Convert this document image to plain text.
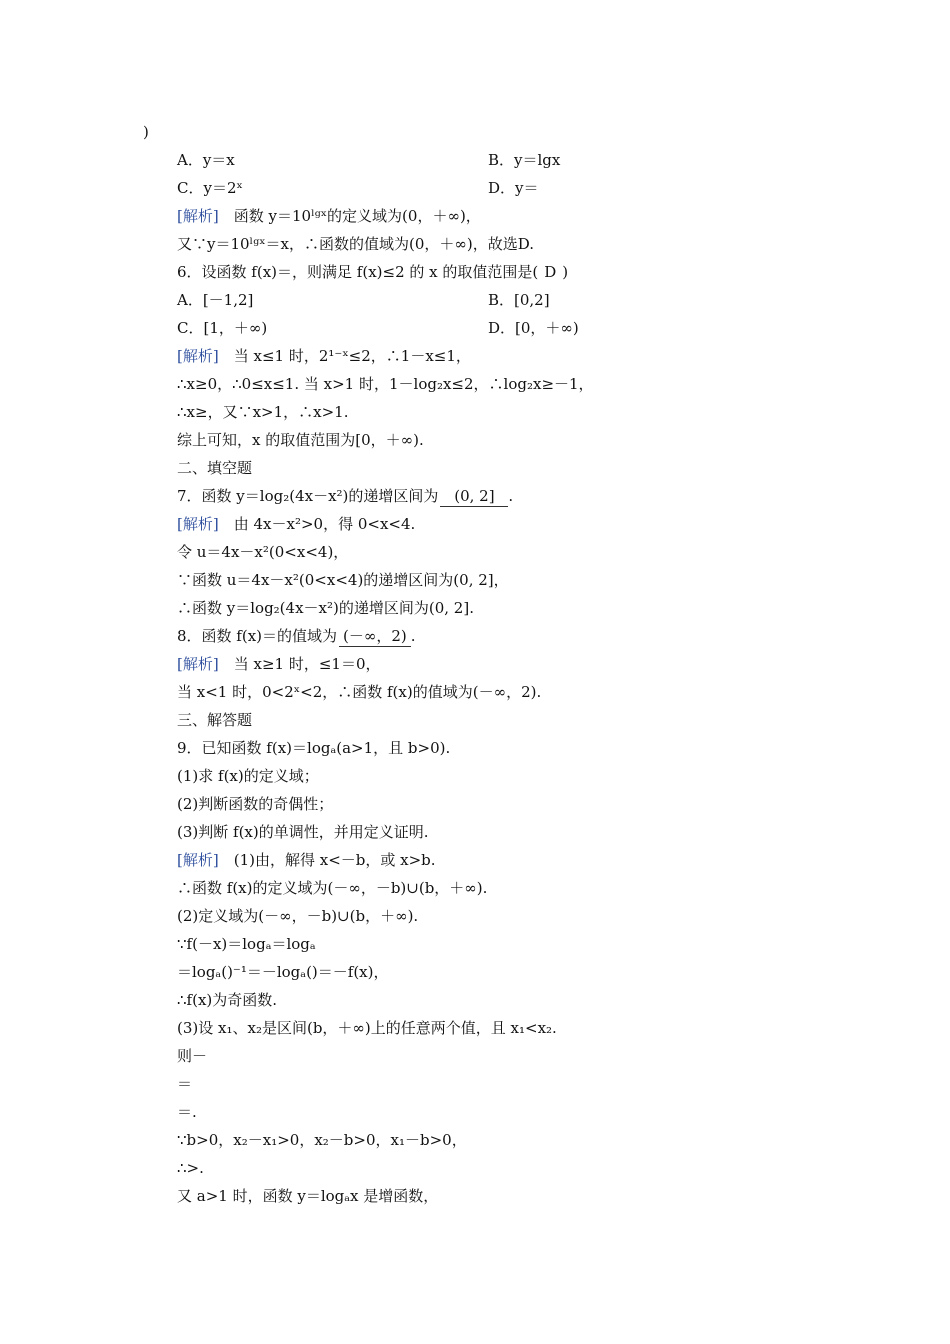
)
A．y＝x	B．y＝lgx
C．y＝2ˣ	D．y＝
[解析]　 函数 y＝10ˡᵍˣ的定义域为(0，＋∞)，
又∵y＝10ˡᵍˣ＝x，∴函数的值域为(0，＋∞)，故选D.
6．设函数 f(x)＝，则满足 f(x)≤2 的 x 的取值范围是( D )
A．[－1,2]	B．[0,2]
C．[1，＋∞)	D．[0，＋∞)
[解析]　 当 x≤1 时，2¹⁻ˣ≤2，∴1－x≤1，
∴x≥0，∴0≤x≤1. 当 x>1 时，1－log₂x≤2，∴log₂x≥－1，
∴x≥，又∵x>1，∴x>1.
综上可知，x 的取值范围为[0，＋∞).
二、填空题
7．函数 y＝log₂(4x－x²)的递增区间为 (0, 2] .
[解析]　 由 4x－x²>0，得 0<x<4.
令 u＝4x－x²(0<x<4)，
∵函数 u＝4x－x²(0<x<4)的递增区间为(0, 2]，
∴函数 y＝log₂(4x－x²)的递增区间为(0, 2].
8．函数 f(x)＝的值域为 (－∞，2) .
[解析]　 当 x≥1 时，≤1＝0，
当 x<1 时，0<2ˣ<2，∴函数 f(x)的值域为(－∞，2).
三、解答题
9．已知函数 f(x)＝logₐ(a>1，且 b>0).
(1)求 f(x)的定义域；
(2)判断函数的奇偶性；
(3)判断 f(x)的单调性，并用定义证明.
[解析]　 (1)由，解得 x<－b，或 x>b.
∴函数 f(x)的定义域为(－∞，－b)∪(b，＋∞).
(2)定义域为(－∞，－b)∪(b，＋∞).
∵f(－x)＝logₐ＝logₐ
＝logₐ()⁻¹＝－logₐ()＝－f(x)，
∴f(x)为奇函数.
(3)设 x₁、x₂是区间(b，＋∞)上的任意两个值，且 x₁<x₂.
则－
＝
＝.
∵b>0，x₂－x₁>0，x₂－b>0，x₁－b>0，
∴>.
又 a>1 时，函数 y＝logₐx 是增函数，
